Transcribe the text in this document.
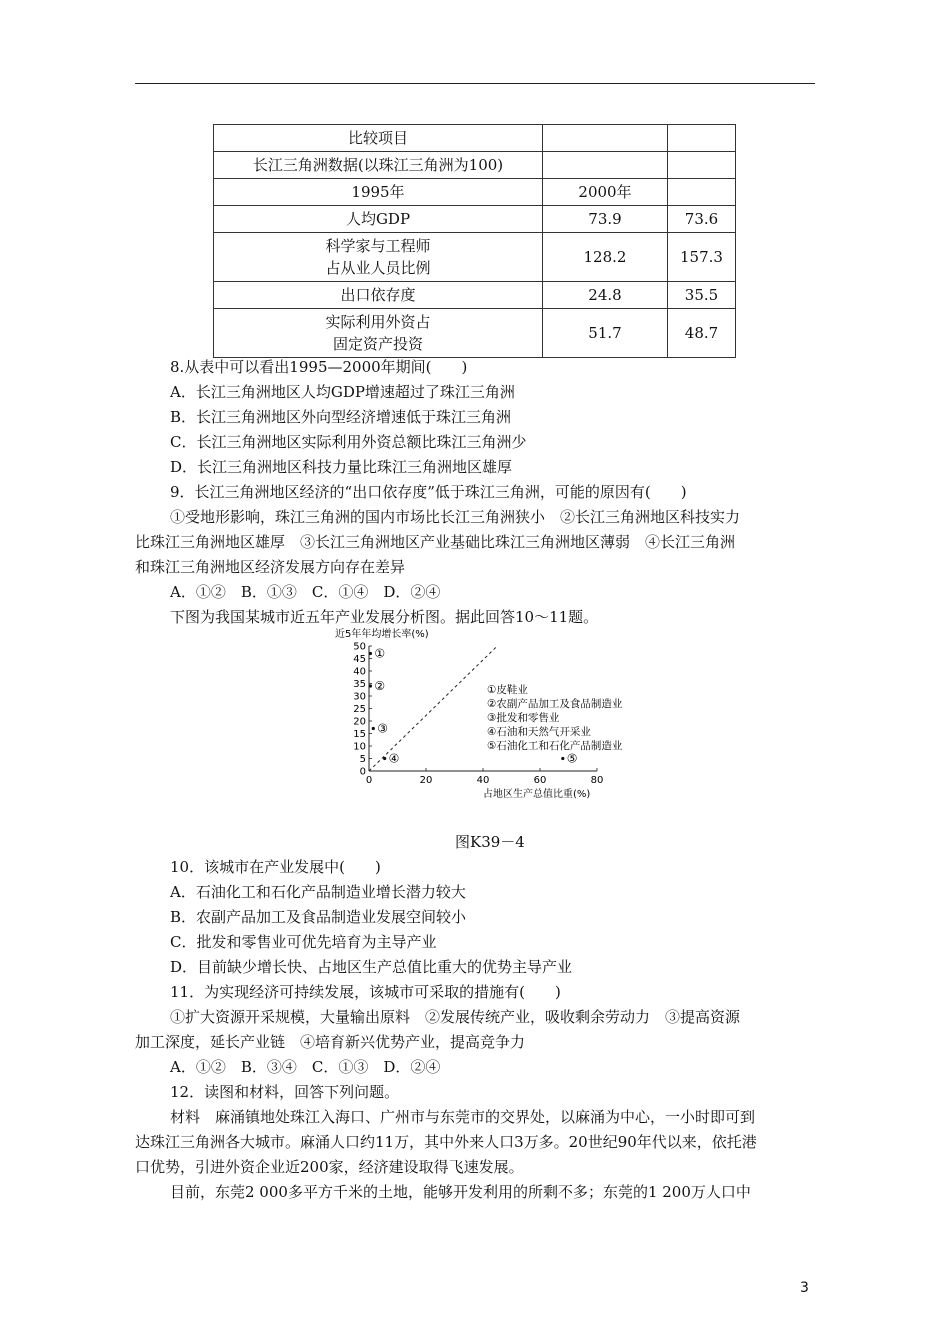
比较项目		
长江三角洲数据(以珠江三角洲为100)		
1995年	2000年	
人均GDP	73.9	73.6
科学家与工程师
占从业人员比例	128.2	157.3
出口依存度	24.8	35.5
实际利用外资占
固定资产投资	51.7	48.7
8.从表中可以看出1995—2000年期间(　　)
A．长江三角洲地区人均GDP增速超过了珠江三角洲
B．长江三角洲地区外向型经济增速低于珠江三角洲
C．长江三角洲地区实际利用外资总额比珠江三角洲少
D．长江三角洲地区科技力量比珠江三角洲地区雄厚
9．长江三角洲地区经济的“出口依存度”低于珠江三角洲，可能的原因有(　　)
①受地形影响，珠江三角洲的国内市场比长江三角洲狭小　②长江三角洲地区科技实力
比珠江三角洲地区雄厚　③长江三角洲地区产业基础比珠江三角洲地区薄弱　④长江三角洲
和珠江三角洲地区经济发展方向存在差异
A．①②　B．①③　C．①④　D．②④
下图为我国某城市近五年产业发展分析图。据此回答10～11题。
0
5
10
15
20
25
30
35
40
45
50
0	20	40	60	80
近5年年均增长率(%)
占地区生产总值比重(%)
①
②
③
④	⑤
①皮鞋业
②农副产品加工及食品制造业
③批发和零售业
④石油和天然气开采业
⑤石油化工和石化产品制造业
图K39－4
10．该城市在产业发展中(　　)
A．石油化工和石化产品制造业增长潜力较大
B．农副产品加工及食品制造业发展空间较小
C．批发和零售业可优先培育为主导产业
D．目前缺少增长快、占地区生产总值比重大的优势主导产业
11．为实现经济可持续发展，该城市可采取的措施有(　　)
①扩大资源开采规模，大量输出原料　②发展传统产业，吸收剩余劳动力　③提高资源
加工深度，延长产业链　④培育新兴优势产业，提高竞争力
A．①②　B．③④　C．①③　D．②④
12．读图和材料，回答下列问题。
材料　麻涌镇地处珠江入海口、广州市与东莞市的交界处，以麻涌为中心，一小时即可到
达珠江三角洲各大城市。麻涌人口约11万，其中外来人口3万多。20世纪90年代以来，依托港
口优势，引进外资企业近200家，经济建设取得飞速发展。
目前，东莞2 000多平方千米的土地，能够开发利用的所剩不多；东莞的1 200万人口中
3
